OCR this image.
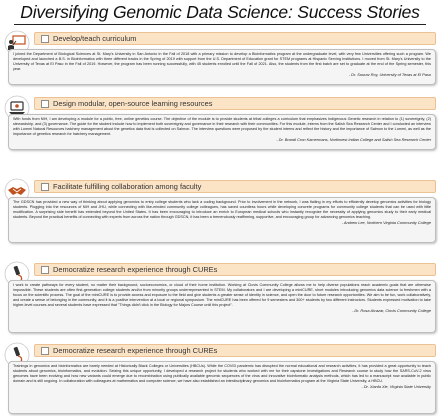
Diversifying Genomic Data Science: Success Stories
Develop/teach curriculum

I joined the Department of Biological Sciences at St. Mary's University in San Antonio in the Fall of 2018 with a primary mission to develop a Bioinformatics program at the undergraduate level, with very few Universities offering such a program. We developed and launched a B.S. in Bioinformatics with three different tracks in the Spring of 2019 with support from the U.S. Department of Education grant for STEM programs at Hispanic Serving Institutions. I moved from St. Mary's University to the University of Texas at El Paso in the Fall of 2019. However, the program has been running successfully, with 45 students enrolled until the Fall of 2021. Also, the students from the first batch are set to graduate at the end of the Spring semester, this year.

- Dr. Sourav Roy, University of Texas at El Paso
Design modular, open-source learning resources

With funds from NIH, I am developing a module for a public, free, online genetics course. The objective of the module is to provide students at tribal colleges a curriculum that emphasizes Indigenous Genetic research in relation to (1) sovereignty, (2) stewardship, and (3) governance. The guide for the student include how to implement both sovereignty and governance in their research with their communities. For this module, interns from the Salish Sea Research Center and I conducted an interview with Lummi Natural Resources hatchery management about the genetics data that is collected on Salmon. The interview questions were proposed by the student interns and reflect the history and the importance of Salmon to the Lummi, as well as the importance of genetics research for hatchery management.

- Dr. Brandi Cron Kamermans, Northwest Indian College and Salish Sea Research Center
Facilitate fulfilling collaboration among faculty

The GDSCN has provided a new way of thinking about applying genomics to entry college students who lack a coding background. Prior to involvement in the network, I was flailing in my efforts to efficiently develop genomics activities for biology students. Plugging into the resources of NIH and JHU, while connecting with like-minded community college colleagues, has saved countless hours while developing concrete programs for community college students that can be used with little modification. A surprising side benefit has extended beyond the United States. It has been encouraging to introduce an enrich to European medical schools who instantly recognize the necessity of applying genomics study to their early medical students. Beyond the practical benefits of connecting with experts from across the nation through GDSCN, it has been a tremendously reaffirming, supportive, and encouraging group for advancing genomics teaching.

- Andrew Lee, Northern Virginia Community College
Democratize research experience through CUREs

I work to create pathways for every student, no matter their background, socioeconomics, or cloud of their home institution. Working at Clovis Community College allows me to help diverse populations reach academic goals that are otherwise impossible. These students are often first-generation college students and/or from minority groups underrepresented in STEM. My collaborators and I are developing a miniCURE, short modules introducing genomics data science to freshmen with a focus on the scientific process. The goal of the miniCURE is to provide access and exposure to the field and give students a greater sense of identity in science, and open the door to future research opportunities. We aim to be fun, work collaboratively, and create a sense of belonging in the community, and it is a positive intervention at a local or regional symposium. The miniCURE has been offered for 9 semesters and 300+ students by two different instructors. Students expressed motivation to take higher-level courses and several students have expressed that "Things didn't click in the Biology for Majors Course until this project".

- Dr. Rosa Alcazar, Clovis Community College
Democratize research experience through CUREs

Trainings in genomics and bioinformatics are barely needed at Historically Black Colleges or Universities (HBCUs). While the COVID pandemic has disrupted the normal educational and research activities, it has provided a great opportunity to teach students about genomics, bioinformatics, and evolution. Seizing this unique opportunity, I developed a research project for students who worked with me for their capstone Investigations and Research course to study how the SARS-CoV-2 virus genomes have been evolving and how new variants could emerge due to recombination using publically available genomic sequences of the virus and innovative bioinformatic analysis methods, which has led to a manuscript now available in public domain and is still ongoing. In collaboration with colleagues at mathematics and computer science, we have also established an interdisciplinary genomics and bioinformatics program at the Virginia State University, a HBCU.

- Dr. Xianfa Xie, Virginia State University
